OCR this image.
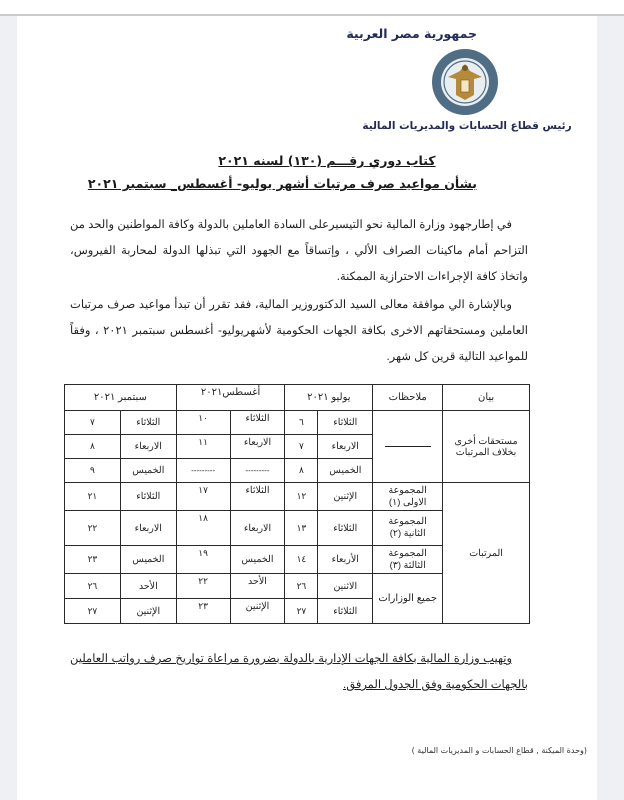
جمهورية مصر العربية
رئيس قطاع الحسابات والمديريات المالية
كتاب دوري رقـــم (١٣٠) لسنه ٢٠٢١
بشأن مواعيد صرف مرتبات أشهر يوليو- أغسطس_ سبتمبر ٢٠٢١
في إطارجهود وزارة المالية نحو التيسيرعلى السادة العاملين بالدولة وكافة المواطنين والحد من التزاحم أمام ماكينات الصراف الألي ، وإتساقاً مع الجهود التي تبذلها الدولة لمحاربة الفيروس، واتخاذ كافة الإجراءات الاحترازية الممكنة.
وبالإشارة الي موافقة معالى السيد الدكتوروزير المالية، فقد تقرر أن تبدأ مواعيد صرف مرتبات العاملين ومستحقاتهم الاخرى بكافة الجهات الحكومية لأشهريوليو- أغسطس سبتمبر ٢٠٢١ ، وفقاً للمواعيد التالية قرين كل شهر.
بيان	ملاحظات	يوليو ٢٠٢١		أغسطس٢٠٢١		سبتمبر ٢٠٢١	
مستحقات أخرى بخلاف المرتبات		الثلاثاء	٦	الثلاثاء	١٠	الثلاثاء	٧
		الاربعاء	٧	الاربعاء	١١	الاربعاء	٨
		الخميس	٨	---------	---------	الخميس	٩
المرتبات	المجموعة الاولى (١)	الإثنين	١٢	الثلاثاء	١٧	الثلاثاء	٢١
	المجموعة الثانية (٢)	الثلاثاء	١٣	الاربعاء	١٨	الاربعاء	٢٢
	المجموعة الثالثة (٣)	الأربعاء	١٤	الخميس	١٩	الخميس	٢٣
	جميع الوزارات	الاثنين	٢٦	الأحد	٢٢	الأحد	٢٦
		الثلاثاء	٢٧	الإثنين	٢٣	الإثنين	٢٧
وتهيب وزارة المالية بكافة الجهات الإدارية بالدولة بضرورة مراعاة تواريخ صرف رواتب العاملين بالجهات الحكومية وفق الجدول المرفق.
(وحدة الميكنة , قطاع الحسابات و المديريات المالية )
